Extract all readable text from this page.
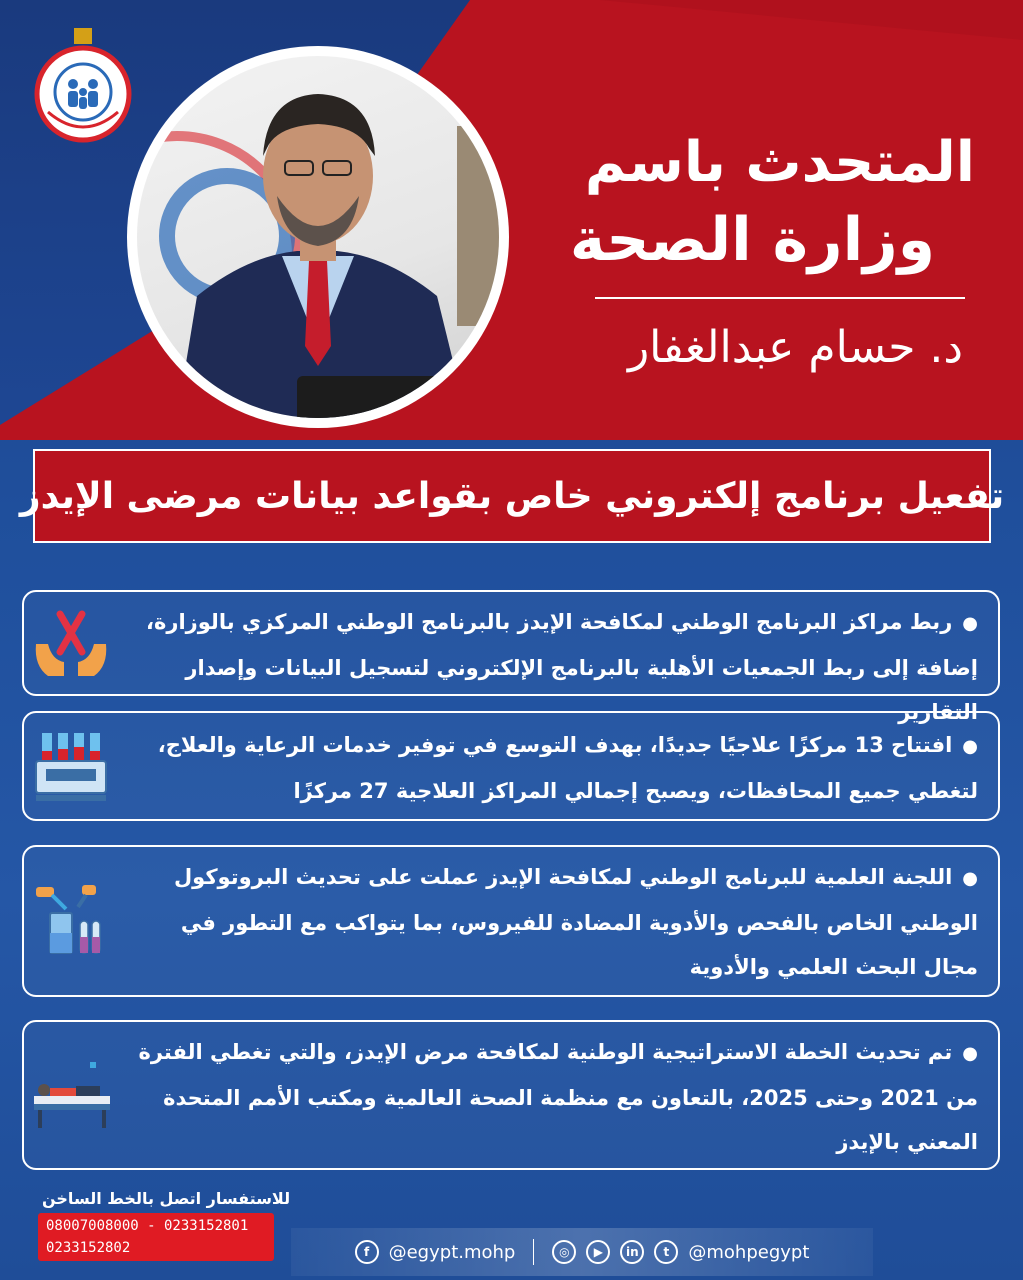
المتحدث باسم
وزارة الصحة
د. حسام عبدالغفار
تفعيل برنامج إلكتروني خاص بقواعد بيانات مرضى الإيدز
●ربط مراكز البرنامج الوطني لمكافحة الإيدز بالبرنامج الوطني المركزي بالوزارة، إضافة إلى ربط الجمعيات الأهلية بالبرنامج الإلكتروني لتسجيل البيانات وإصدار التقارير
●افتتاح 13 مركزًا علاجيًا جديدًا، بهدف التوسع في توفير خدمات الرعاية والعلاج، لتغطي جميع المحافظات، ويصبح إجمالي المراكز العلاجية 27 مركزًا
●اللجنة العلمية للبرنامج الوطني لمكافحة الإيدز عملت على تحديث البروتوكول الوطني الخاص بالفحص والأدوية المضادة للفيروس، بما يتواكب مع التطور في مجال البحث العلمي والأدوية
●تم تحديث الخطة الاستراتيجية الوطنية لمكافحة مرض الإيدز، والتي تغطي الفترة من 2021 وحتى 2025، بالتعاون مع منظمة الصحة العالمية ومكتب الأمم المتحدة المعني بالإيدز
للاستفسار اتصل بالخط الساخن
08007008000 - 0233152801
0233152802	f	@egypt.mohp	◎	▶	in	t	@mohpegypt
